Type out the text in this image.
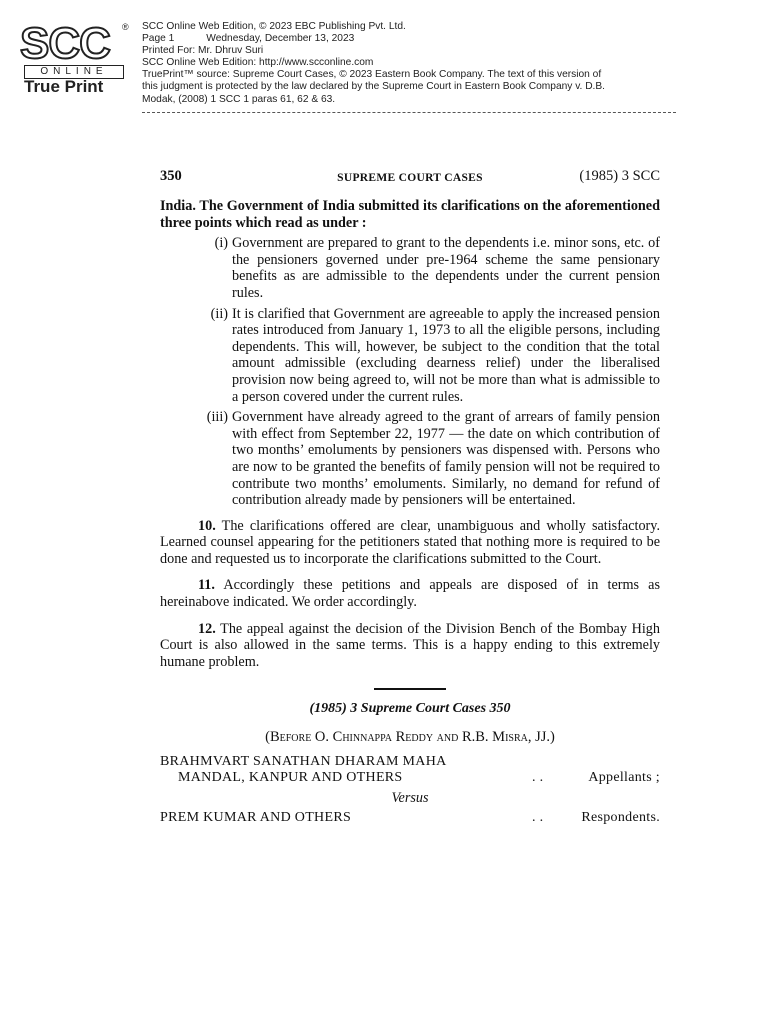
SCC ®
ONLINE
True Print
SCC Online Web Edition, © 2023 EBC Publishing Pvt. Ltd.
Page 1	Wednesday, December 13, 2023
Printed For: Mr. Dhruv Suri
SCC Online Web Edition: http://www.scconline.com
TruePrint™ source: Supreme Court Cases, © 2023 Eastern Book Company. The text of this version of
this judgment is protected by the law declared by the Supreme Court in Eastern Book Company v. D.B.
Modak, (2008) 1 SCC 1 paras 61, 62 & 63.
350	SUPREME COURT CASES	(1985) 3 SCC
India. The Government of India submitted its clarifications on the aforementioned three points which read as under :
(i) Government are prepared to grant to the dependents i.e. minor sons, etc. of the pensioners governed under pre-1964 scheme the same pensionary benefits as are admissible to the dependents under the current pension rules.
(ii) It is clarified that Government are agreeable to apply the increased pension rates introduced from January 1, 1973 to all the eligible persons, including dependents. This will, however, be subject to the condition that the total amount admissible (excluding dearness relief) under the liberalised provision now being agreed to, will not be more than what is admissible to a person covered under the current rules.
(iii) Government have already agreed to the grant of arrears of family pension with effect from September 22, 1977 — the date on which contribution of two months’ emoluments by pensioners was dispensed with. Persons who are now to be granted the benefits of family pension will not be required to contribute two months’ emoluments. Similarly, no demand for refund of contribution already made by pensioners will be entertained.
10. The clarifications offered are clear, unambiguous and wholly satisfactory. Learned counsel appearing for the petitioners stated that nothing more is required to be done and requested us to incorporate the clarifications submitted to the Court.
11. Accordingly these petitions and appeals are disposed of in terms as hereinabove indicated. We order accordingly.
12. The appeal against the decision of the Division Bench of the Bombay High Court is also allowed in the same terms. This is a happy ending to this extremely humane problem.
(1985) 3 Supreme Court Cases 350
(Before O. Chinnappa Reddy and R.B. Misra, JJ.)
BRAHMVART SANATHAN DHARAM MAHA
MANDAL, KANPUR AND OTHERS	. .	Appellants ;
Versus
PREM KUMAR AND OTHERS	. .	Respondents.
